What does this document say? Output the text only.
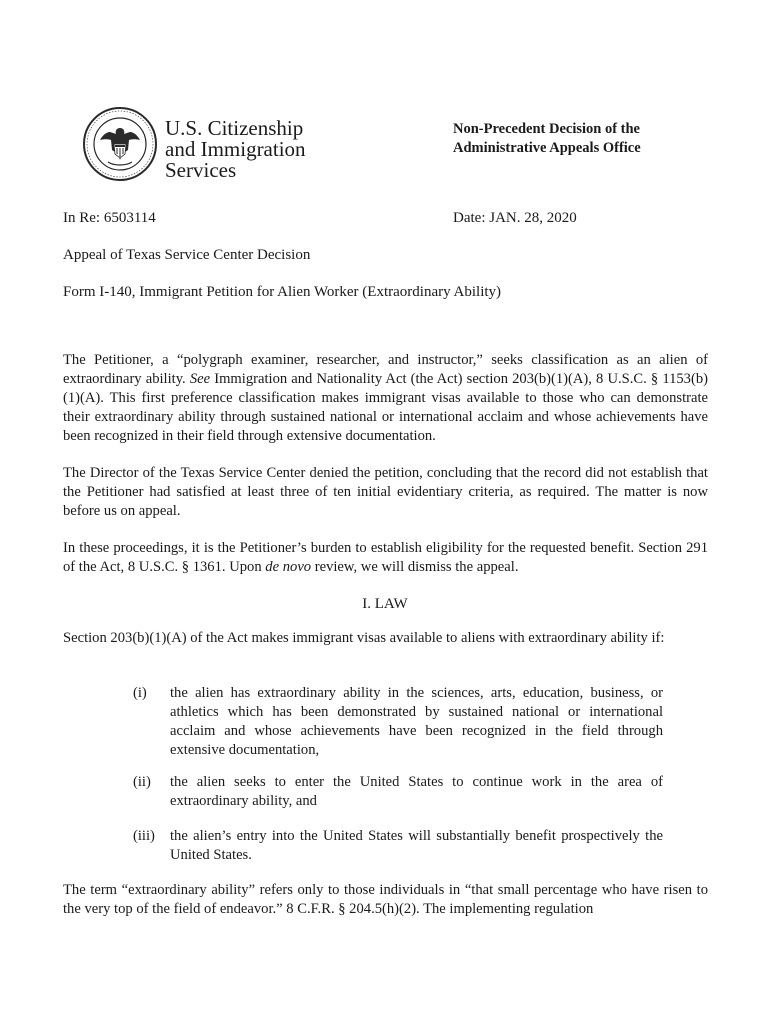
U.S. Citizenship
and Immigration
Services
Non-Precedent Decision of the
Administrative Appeals Office
In Re: 6503114	Date: JAN. 28, 2020
Appeal of Texas Service Center Decision
Form I-140, Immigrant Petition for Alien Worker (Extraordinary Ability)
The Petitioner, a “polygraph examiner, researcher, and instructor,” seeks classification as an alien of extraordinary ability. See Immigration and Nationality Act (the Act) section 203(b)(1)(A), 8 U.S.C. § 1153(b)(1)(A). This first preference classification makes immigrant visas available to those who can demonstrate their extraordinary ability through sustained national or international acclaim and whose achievements have been recognized in their field through extensive documentation.
The Director of the Texas Service Center denied the petition, concluding that the record did not establish that the Petitioner had satisfied at least three of ten initial evidentiary criteria, as required. The matter is now before us on appeal.
In these proceedings, it is the Petitioner’s burden to establish eligibility for the requested benefit. Section 291 of the Act, 8 U.S.C. § 1361. Upon de novo review, we will dismiss the appeal.
I. LAW
Section 203(b)(1)(A) of the Act makes immigrant visas available to aliens with extraordinary ability if:
(i) the alien has extraordinary ability in the sciences, arts, education, business, or athletics which has been demonstrated by sustained national or international acclaim and whose achievements have been recognized in the field through extensive documentation,
(ii) the alien seeks to enter the United States to continue work in the area of extraordinary ability, and
(iii) the alien’s entry into the United States will substantially benefit prospectively the United States.
The term “extraordinary ability” refers only to those individuals in “that small percentage who have risen to the very top of the field of endeavor.” 8 C.F.R. § 204.5(h)(2). The implementing regulation
